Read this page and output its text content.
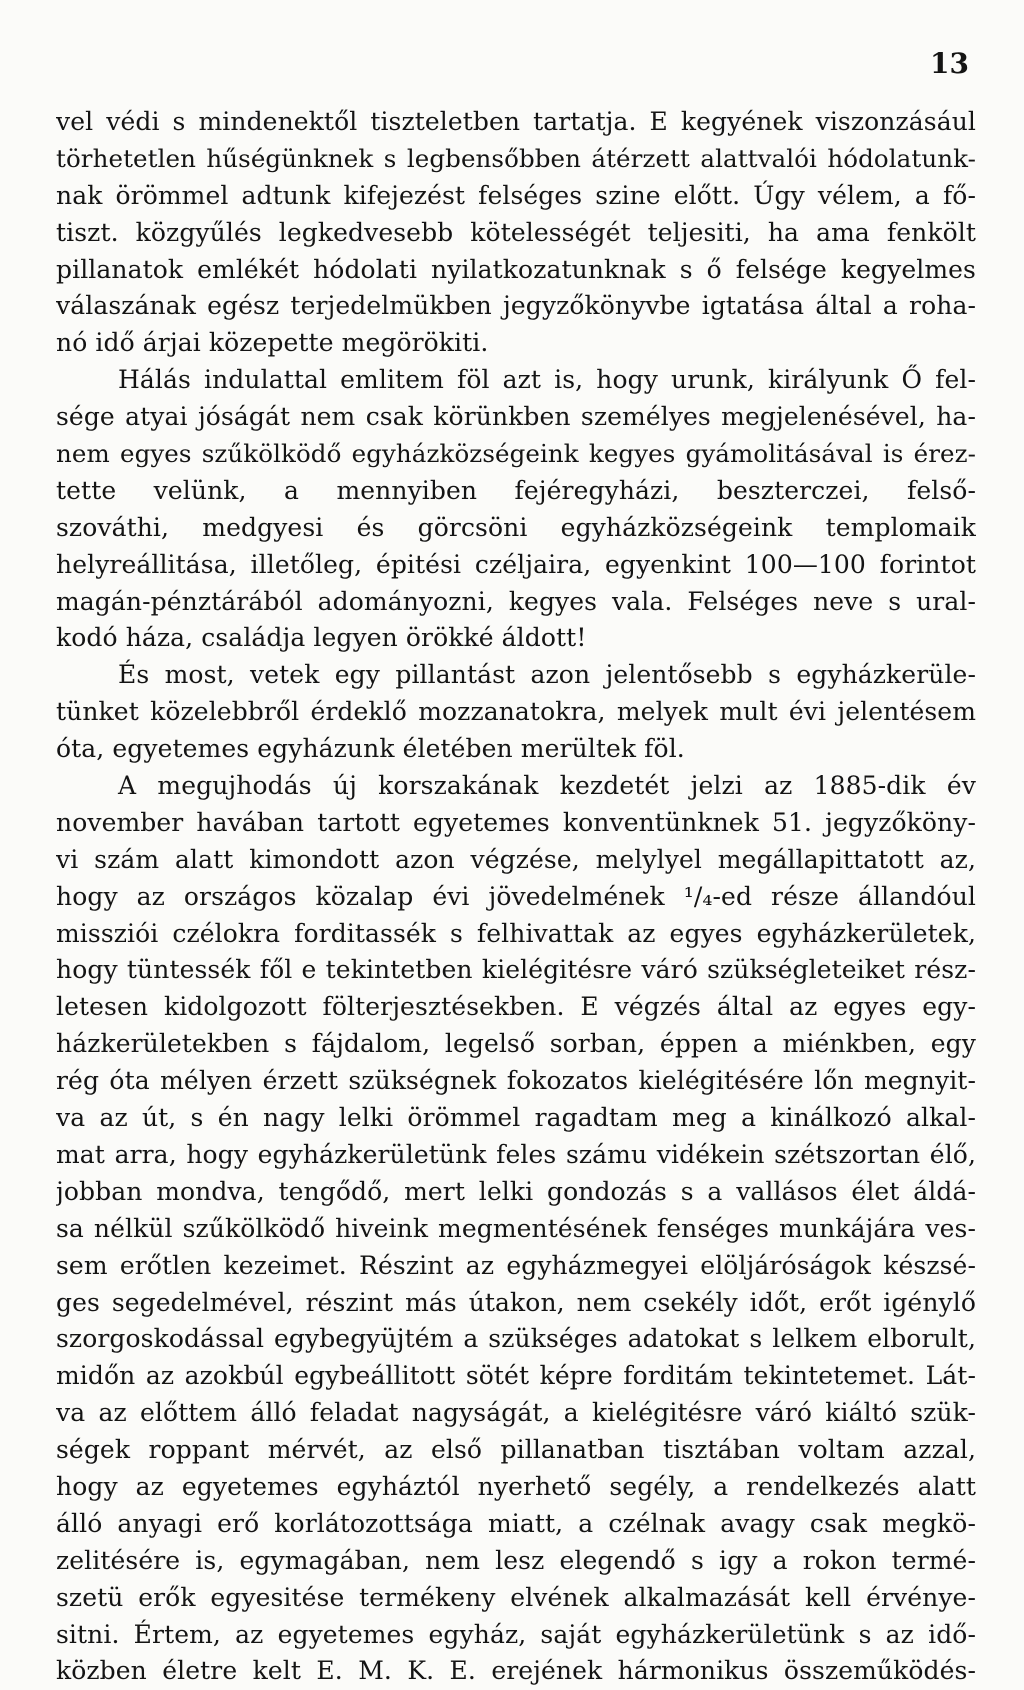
13
vel védi s mindenektől tiszteletben tartatja. E kegyének viszonzásául
törhetetlen hűségünknek s legbensőbben átérzett alattvalói hódolatunk-
nak örömmel adtunk kifejezést felséges szine előtt. Úgy vélem, a fő-
tiszt. közgyűlés legkedvesebb kötelességét teljesiti, ha ama fenkölt
pillanatok emlékét hódolati nyilatkozatunknak s ő felsége kegyelmes
válaszának egész terjedelmükben jegyzőkönyvbe igtatása által a roha-
nó idő árjai közepette megörökiti.
Hálás indulattal emlitem föl azt is, hogy urunk, királyunk Ő fel-
sége atyai jóságát nem csak körünkben személyes megjelenésével, ha-
nem egyes szűkölködő egyházközségeink kegyes gyámolitásával is érez-
tette velünk, a mennyiben fejéregyházi, beszterczei, felső-
szováthi, medgyesi és görcsöni egyházközségeink templomaik
helyreállitása, illetőleg, épitési czéljaira, egyenkint 100—100 forintot
magán-pénztárából adományozni, kegyes vala. Felséges neve s ural-
kodó háza, családja legyen örökké áldott!
És most, vetek egy pillantást azon jelentősebb s egyházkerüle-
tünket közelebbről érdeklő mozzanatokra, melyek mult évi jelentésem
óta, egyetemes egyházunk életében merültek föl.
A megujhodás új korszakának kezdetét jelzi az 1885-dik év
november havában tartott egyetemes konventünknek 51. jegyzőköny-
vi szám alatt kimondott azon végzése, melylyel megállapittatott az,
hogy az országos közalap évi jövedelmének ¹/₄-ed része állandóul
missziói czélokra forditassék s felhivattak az egyes egyházkerületek,
hogy tüntessék fől e tekintetben kielégitésre váró szükségleteiket rész-
letesen kidolgozott fölterjesztésekben. E végzés által az egyes egy-
házkerületekben s fájdalom, legelső sorban, éppen a miénkben, egy
rég óta mélyen érzett szükségnek fokozatos kielégitésére lőn megnyit-
va az út, s én nagy lelki örömmel ragadtam meg a kinálkozó alkal-
mat arra, hogy egyházkerületünk feles számu vidékein szétszortan élő,
jobban mondva, tengődő, mert lelki gondozás s a vallásos élet áldá-
sa nélkül szűkölködő hiveink megmentésének fenséges munkájára ves-
sem erőtlen kezeimet. Részint az egyházmegyei elöljáróságok készsé-
ges segedelmével, részint más útakon, nem csekély időt, erőt igénylő
szorgoskodással egybegyüjtém a szükséges adatokat s lelkem elborult,
midőn az azokbúl egybeállitott sötét képre forditám tekintetemet. Lát-
va az előttem álló feladat nagyságát, a kielégitésre váró kiáltó szük-
ségek roppant mérvét, az első pillanatban tisztában voltam azzal,
hogy az egyetemes egyháztól nyerhető segély, a rendelkezés alatt
álló anyagi erő korlátozottsága miatt, a czélnak avagy csak megkö-
zelitésére is, egymagában, nem lesz elegendő s igy a rokon termé-
szetü erők egyesitése termékeny elvének alkalmazását kell érvénye-
sitni. Értem, az egyetemes egyház, saját egyházkerületünk s az idő-
közben életre kelt E. M. K. E. erejének hármonikus összeműködés-
